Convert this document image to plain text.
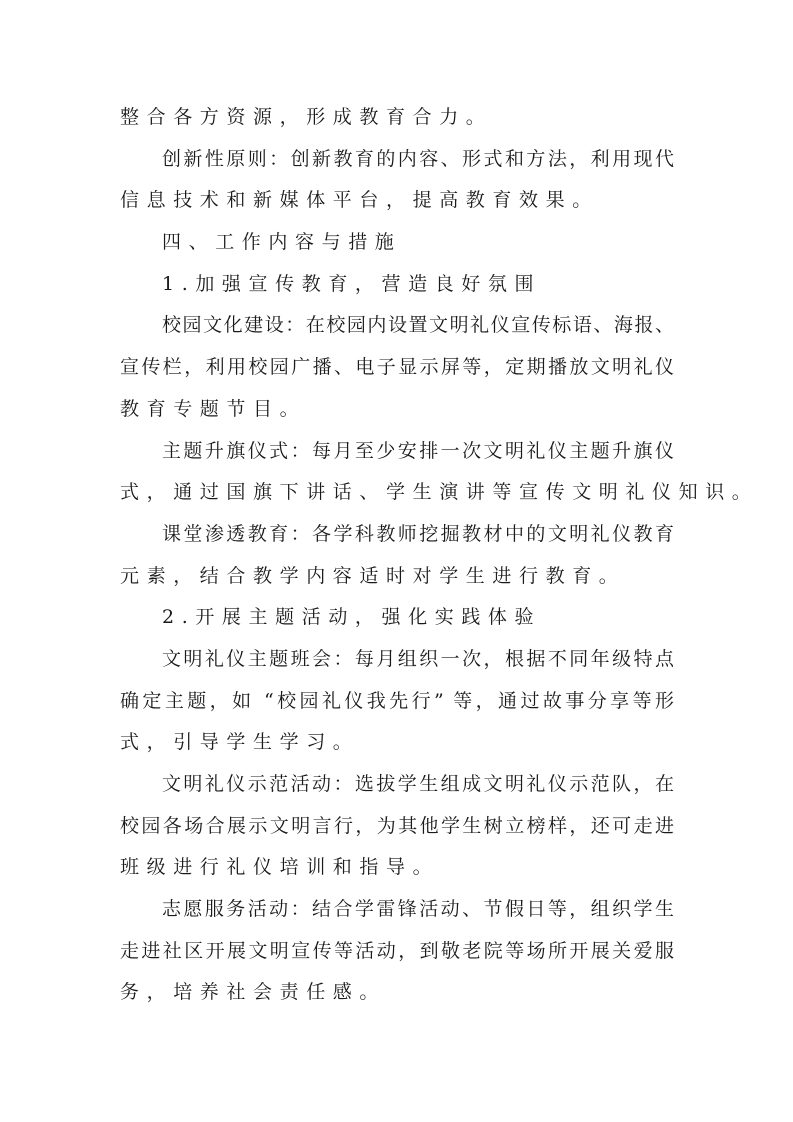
整合各方资源，形成教育合力。
创新性原则：创新教育的内容、形式和方法，利用现代
信息技术和新媒体平台，提高教育效果。
四、工作内容与措施
1.加强宣传教育，营造良好氛围
校园文化建设：在校园内设置文明礼仪宣传标语、海报、
宣传栏，利用校园广播、电子显示屏等，定期播放文明礼仪
教育专题节目。
主题升旗仪式：每月至少安排一次文明礼仪主题升旗仪
式，通过国旗下讲话、学生演讲等宣传文明礼仪知识。
课堂渗透教育：各学科教师挖掘教材中的文明礼仪教育
元素，结合教学内容适时对学生进行教育。
2.开展主题活动，强化实践体验
文明礼仪主题班会：每月组织一次，根据不同年级特点
确定主题，如 “校园礼仪我先行” 等，通过故事分享等形
式，引导学生学习。
文明礼仪示范活动：选拔学生组成文明礼仪示范队，在
校园各场合展示文明言行，为其他学生树立榜样，还可走进
班级进行礼仪培训和指导。
志愿服务活动：结合学雷锋活动、节假日等，组织学生
走进社区开展文明宣传等活动，到敬老院等场所开展关爱服
务，培养社会责任感。
